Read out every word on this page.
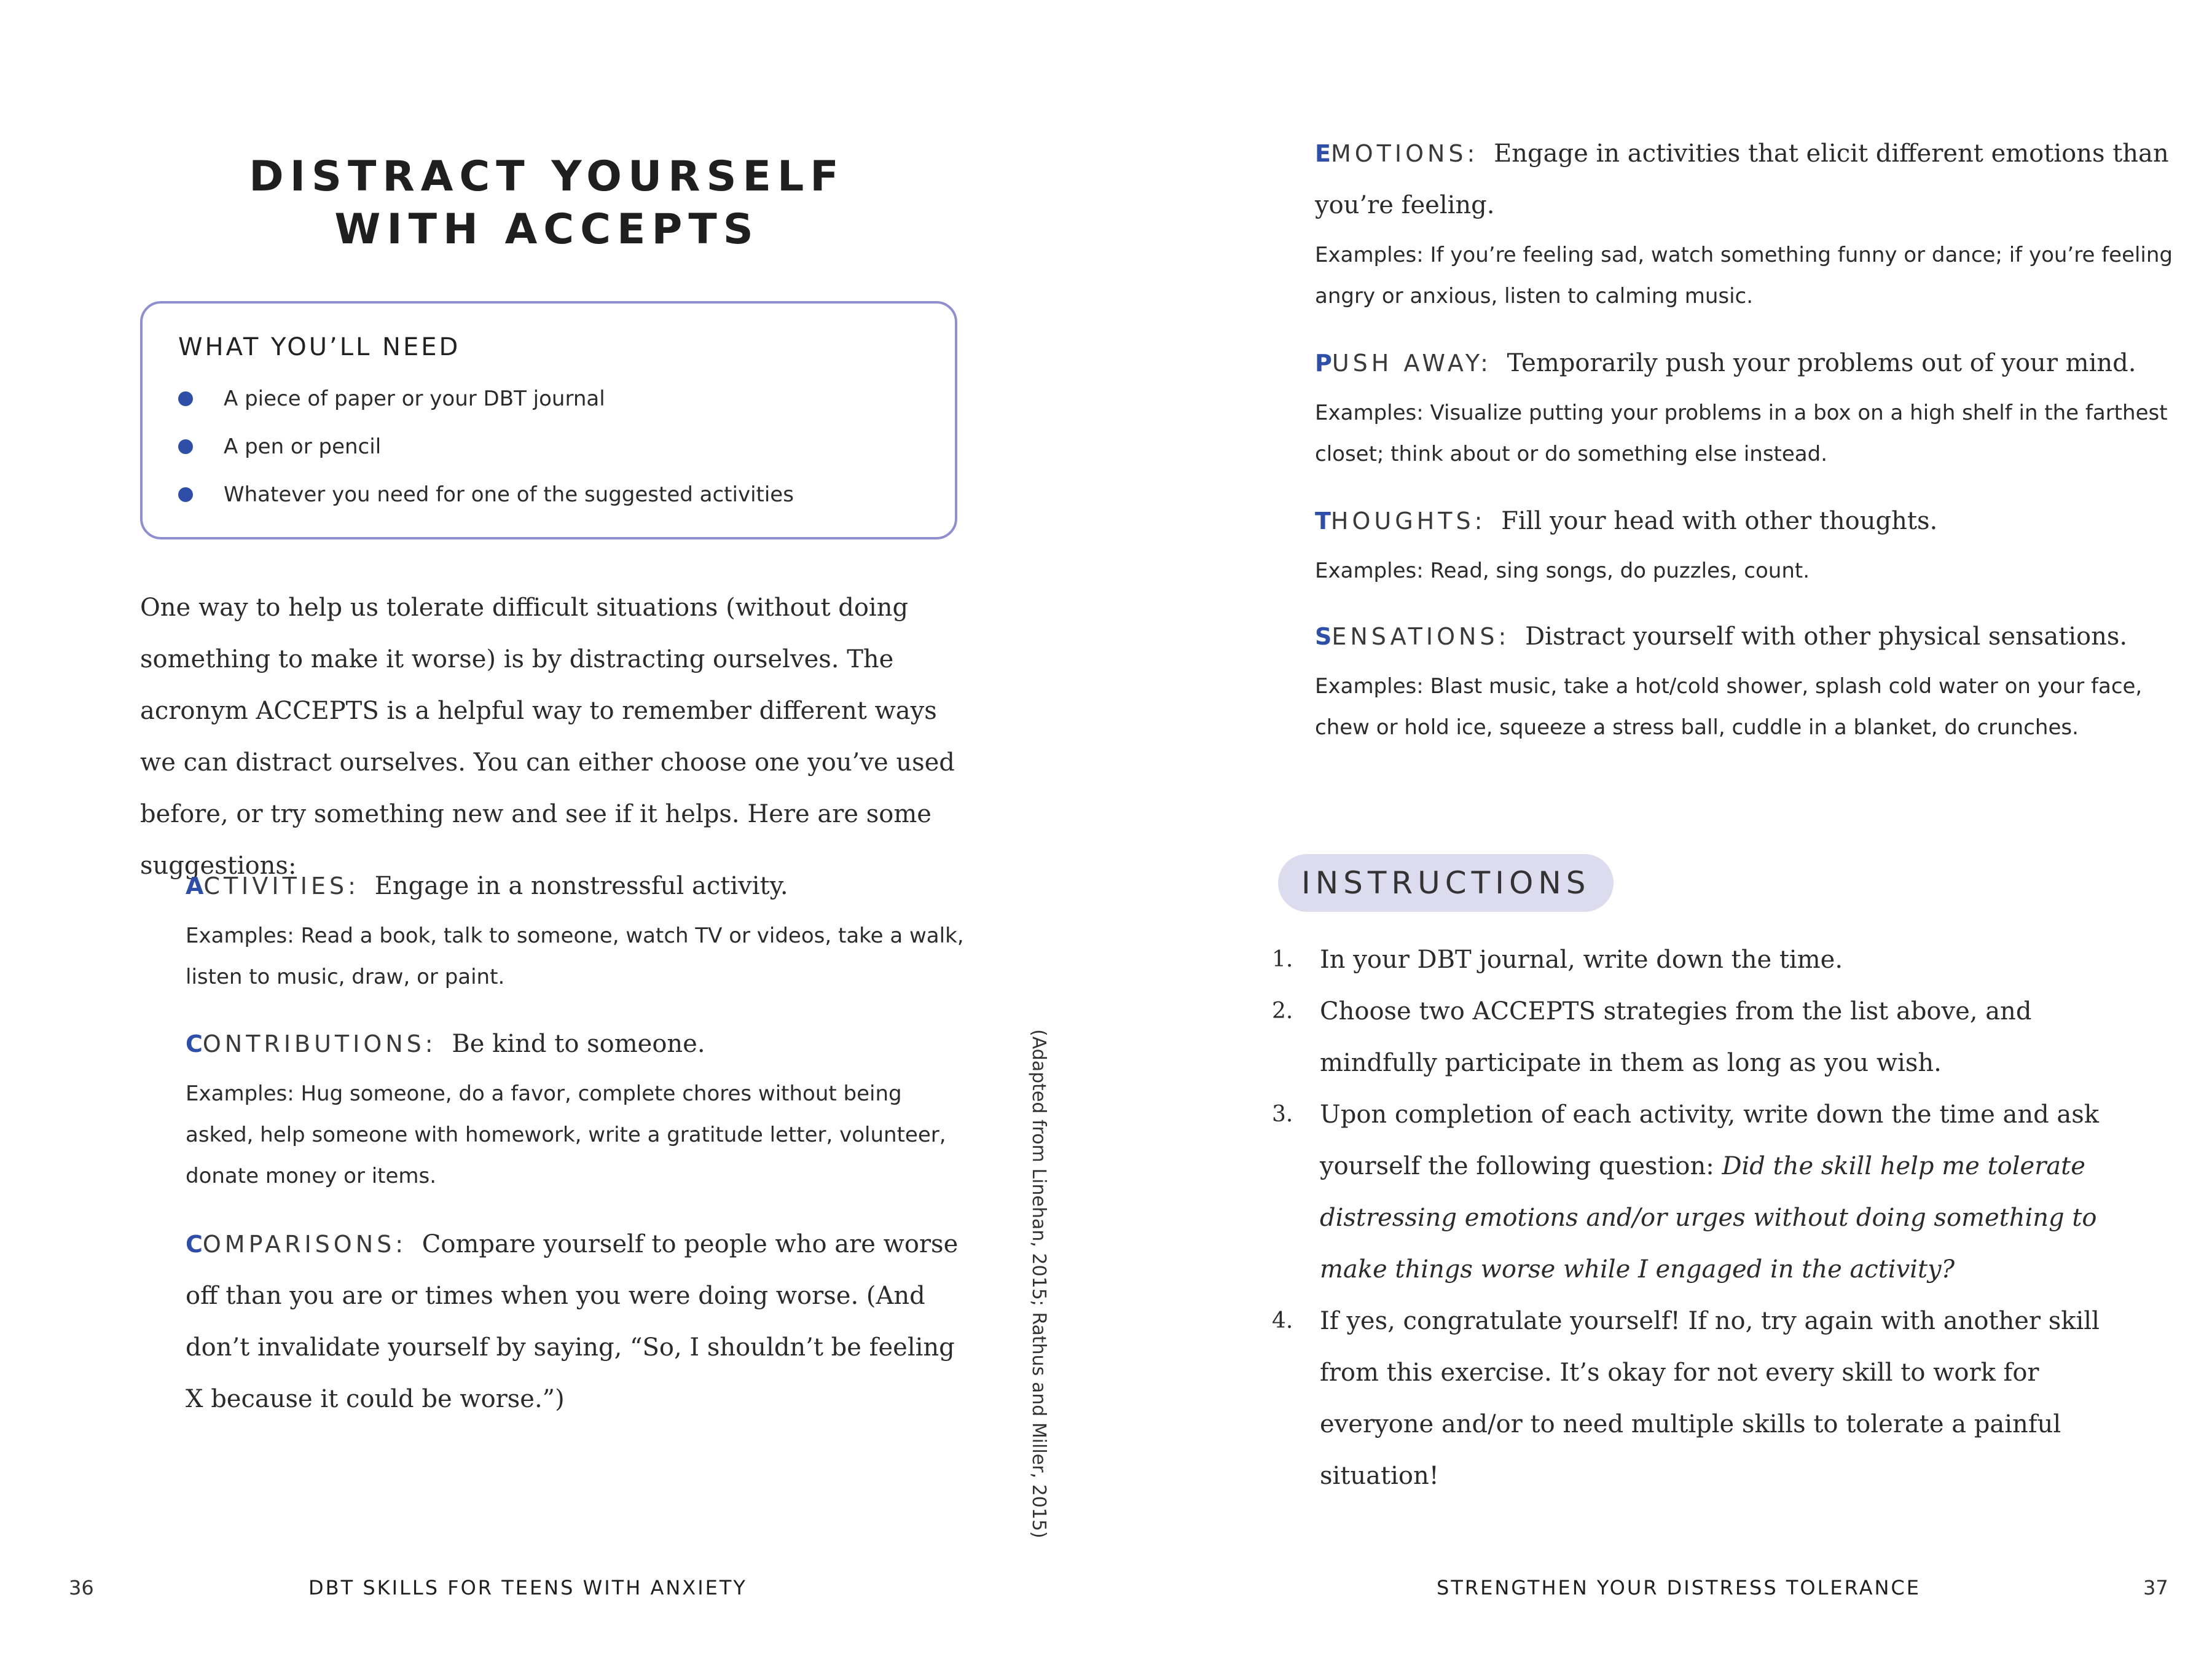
DISTRACT YOURSELF
WITH ACCEPTS
WHAT YOU’LL NEED
A piece of paper or your DBT journal
A pen or pencil
Whatever you need for one of the suggested activities

One way to help us tolerate difficult situations (without doing something to make it worse) is by distracting ourselves. The acronym ACCEPTS is a helpful way to remember different ways we can distract ourselves. You can either choose one you’ve used before, or try something new and see if it helps. Here are some suggestions:

ACTIVITIES: Engage in a nonstressful activity.
Examples: Read a book, talk to someone, watch TV or videos, take a walk, listen to music, draw, or paint.
CONTRIBUTIONS: Be kind to someone.
Examples: Hug someone, do a favor, complete chores without being asked, help someone with homework, write a gratitude letter, volunteer, donate money or items.
COMPARISONS: Compare yourself to people who are worse off than you are or times when you were doing worse. (And don’t invalidate yourself by saying, “So, I shouldn’t be feeling X because it could be worse.”)	(Adapted from Linehan, 2015; Rathus and Miller, 2015)
36	DBT SKILLS FOR TEENS WITH ANXIETY
EMOTIONS: Engage in activities that elicit different emotions than you’re feeling.
Examples: If you’re feeling sad, watch something funny or dance; if you’re feeling angry or anxious, listen to calming music.
PUSH AWAY: Temporarily push your problems out of your mind.
Examples: Visualize putting your problems in a box on a high shelf in the farthest closet; think about or do something else instead.
THOUGHTS: Fill your head with other thoughts.
Examples: Read, sing songs, do puzzles, count.
SENSATIONS: Distract yourself with other physical sensations.
Examples: Blast music, take a hot/cold shower, splash cold water on your face, chew or hold ice, squeeze a stress ball, cuddle in a blanket, do crunches.
INSTRUCTIONS
1. In your DBT journal, write down the time.
2. Choose two ACCEPTS strategies from the list above, and mindfully participate in them as long as you wish.
3. Upon completion of each activity, write down the time and ask yourself the following question: Did the skill help me tolerate distressing emotions and/or urges without doing something to make things worse while I engaged in the activity?
4. If yes, congratulate yourself! If no, try again with another skill from this exercise. It’s okay for not every skill to work for everyone and/or to need multiple skills to tolerate a painful situation!
STRENGTHEN YOUR DISTRESS TOLERANCE	37
